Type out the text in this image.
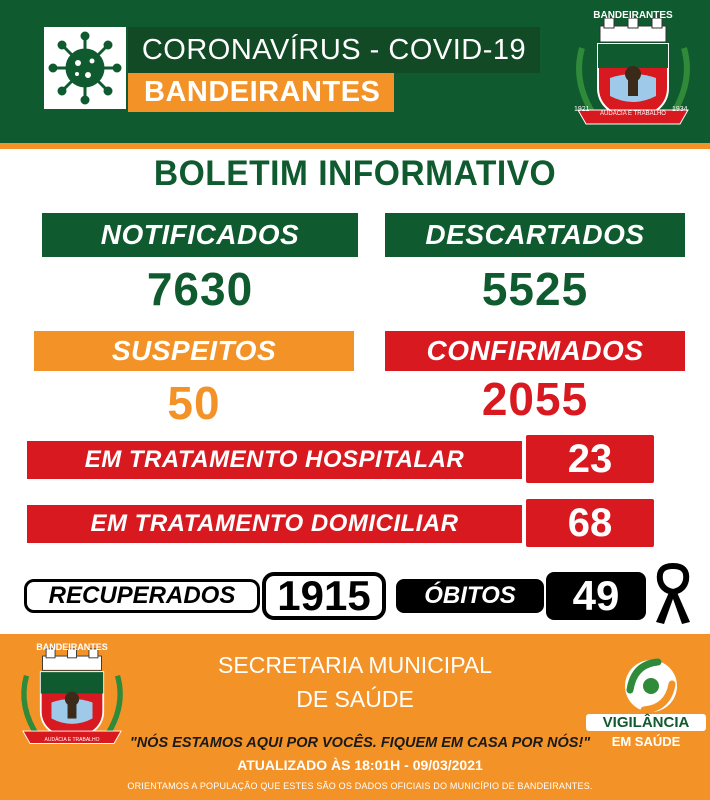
CORONAVÍRUS - COVID-19
BANDEIRANTES
BANDEIRANTES
AUDÁCIA E TRABALHO
1921	1934
BOLETIM INFORMATIVO
NOTIFICADOS
7630
DESCARTADOS
5525
SUSPEITOS
50
CONFIRMADOS
2055
EM TRATAMENTO HOSPITALAR	23
EM TRATAMENTO DOMICILIAR	68
RECUPERADOS 1915	ÓBITOS	49
BANDEIRANTES
AUDÁCIA E TRABALHO
SECRETARIA MUNICIPAL
DE SAÚDE
"NÓS ESTAMOS AQUI POR VOCÊS. FIQUEM EM CASA POR NÓS!"
ATUALIZADO ÀS 18:01H - 09/03/2021
ORIENTAMOS A POPULAÇÃO QUE ESTES SÃO OS DADOS OFICIAIS DO MUNICÍPIO DE BANDEIRANTES.
VIGILÂNCIA
EM SAÚDE
